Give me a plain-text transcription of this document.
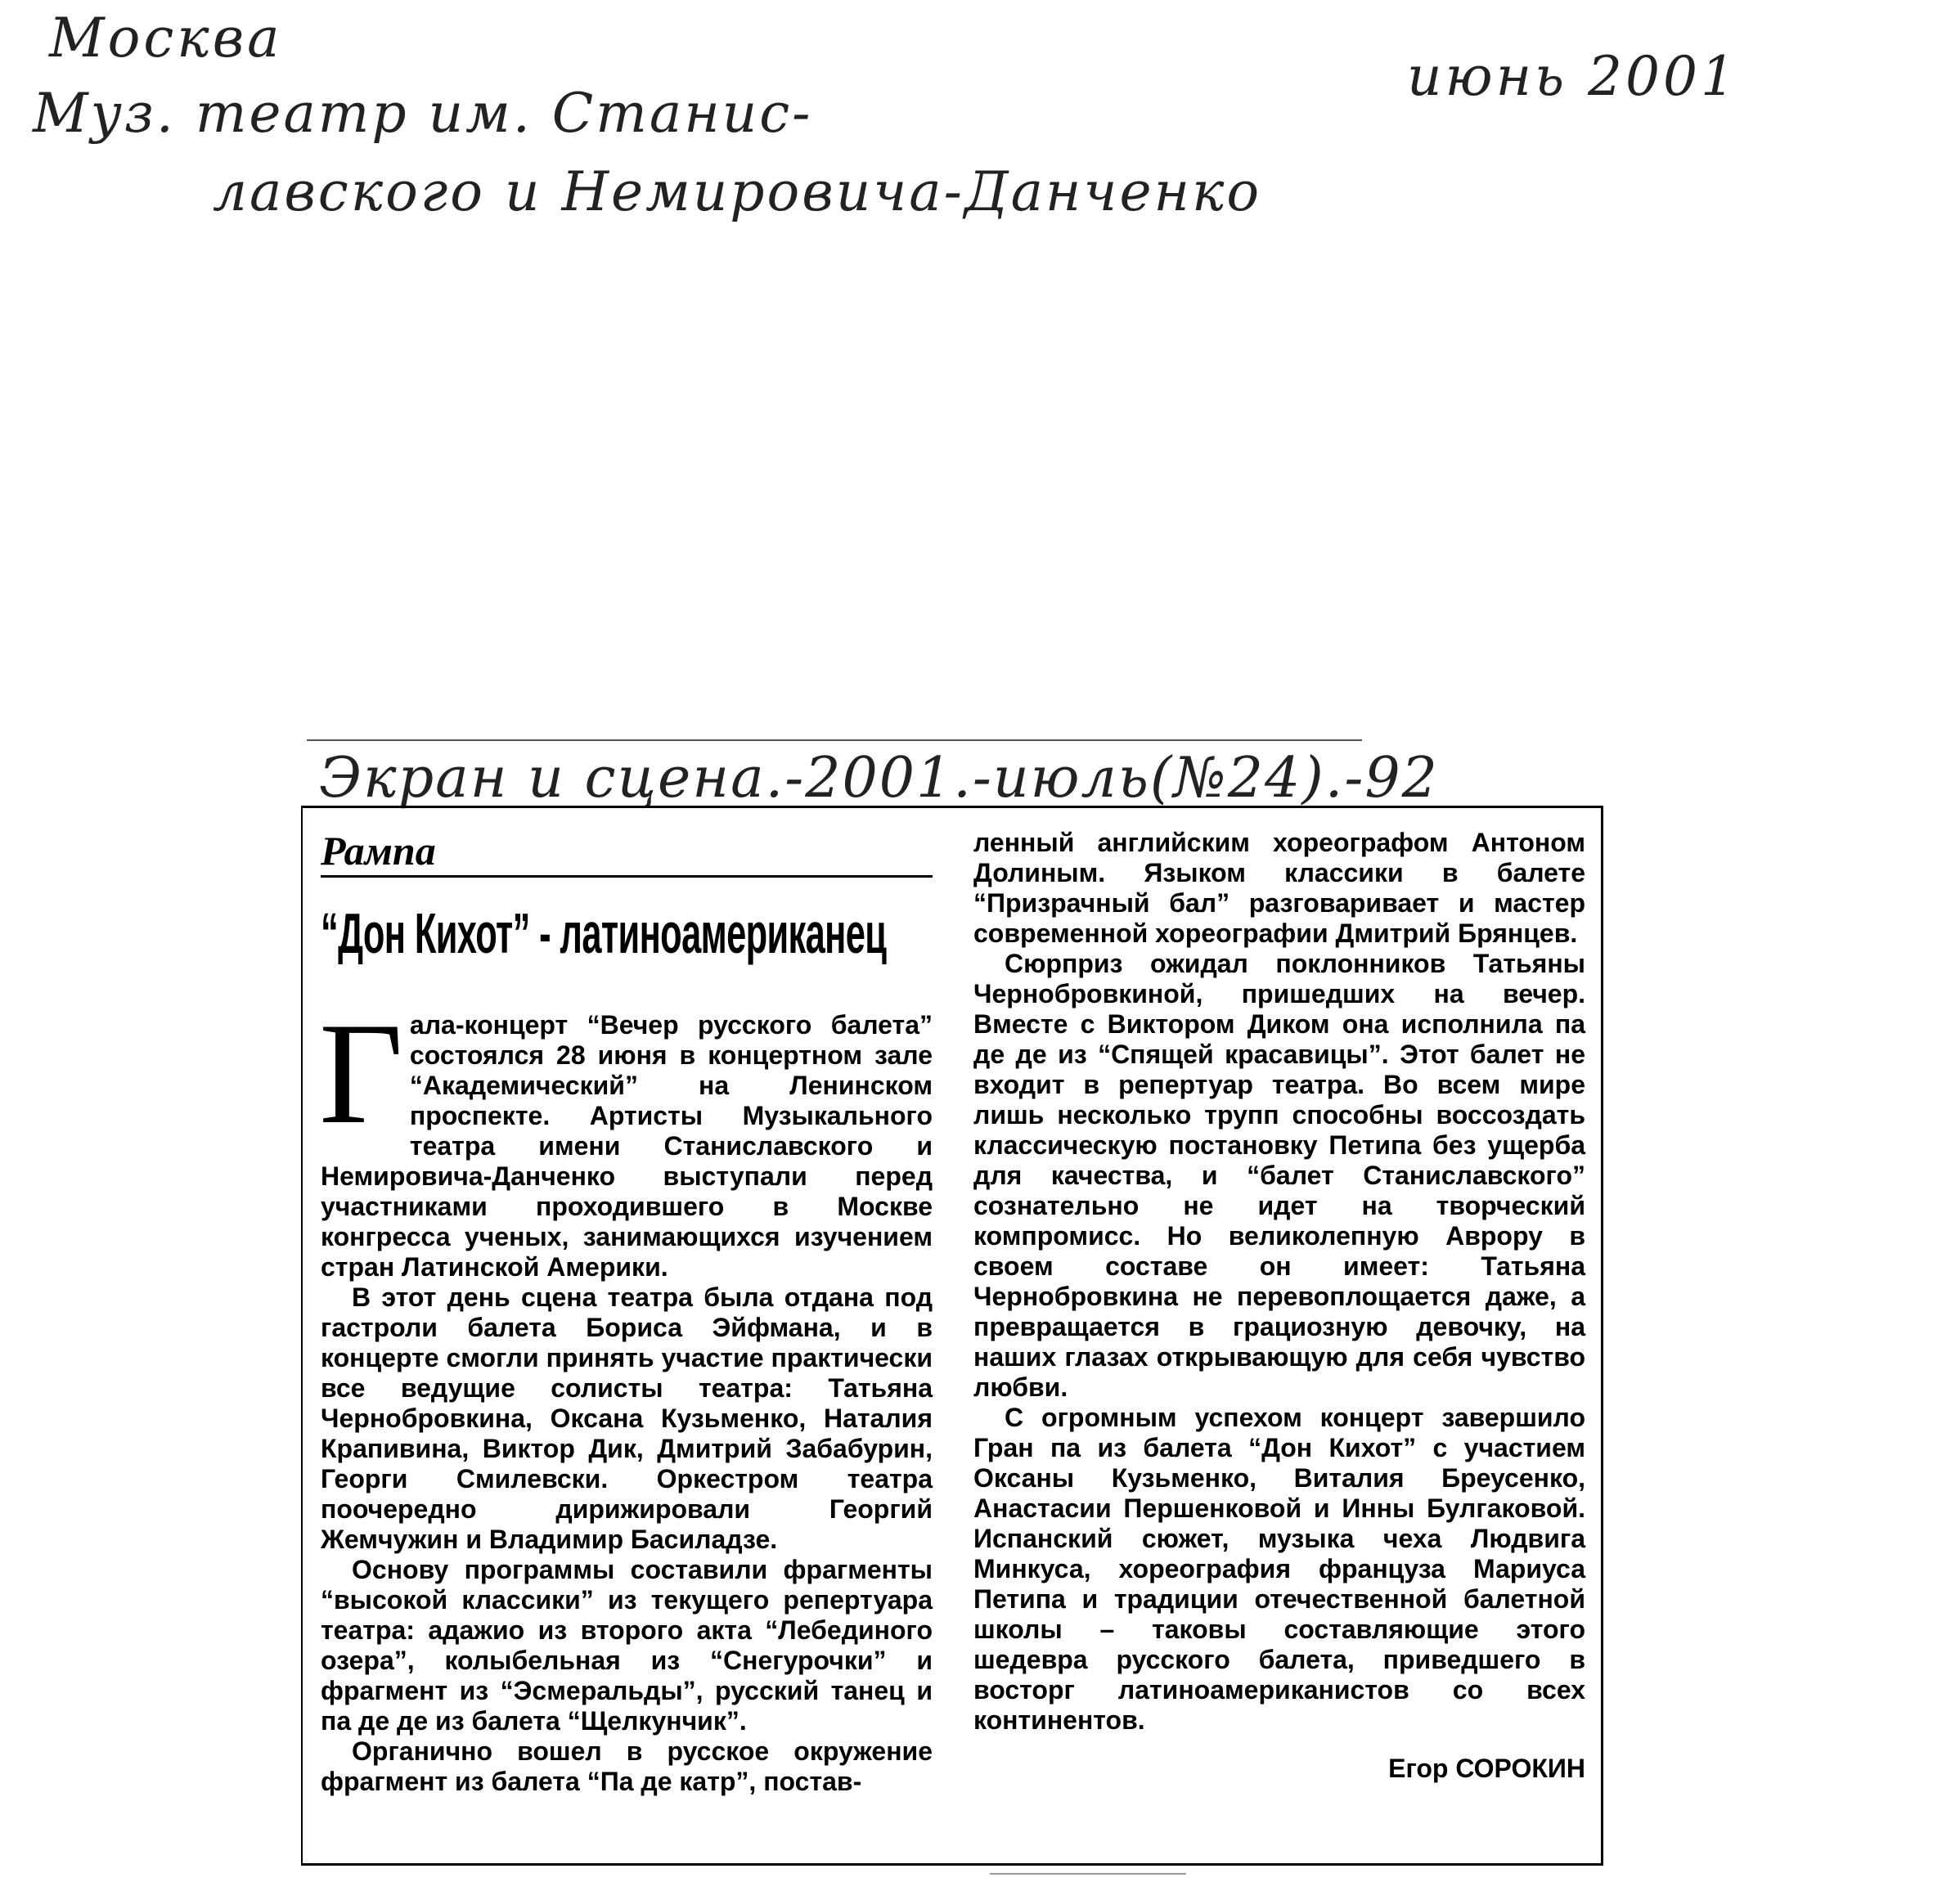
Москва

Муз. театр им. Станис-

лавского и Немировича-Данченко

июнь 2001

Экран и сцена.-2001.-июль(№24).-92

Рампа

“Дон Кихот” - латиноамериканец

Гала-концерт “Вечер русского балета” состоялся 28 июня в концертном зале “Академический” на Ленинском проспекте. Артисты Музыкального театра имени Станиславского и Немировича-Данченко выступали перед участниками проходившего в Москве конгресса ученых, занимающихся изучением стран Латинской Америки.

В этот день сцена театра была отдана под гастроли балета Бориса Эйфмана, и в концерте смогли принять участие практически все ведущие солисты театра: Татьяна Чернобровкина, Оксана Кузьменко, Наталия Крапивина, Виктор Дик, Дмитрий Забабурин, Георги Смилевски. Оркестром театра поочередно дирижировали Георгий Жемчужин и Владимир Басиладзе.

Основу программы составили фрагменты “высокой классики” из текущего репертуара театра: адажио из второго акта “Лебединого озера”, колыбельная из “Снегурочки” и фрагмент из “Эсмеральды”, русский танец и па де де из балета “Щелкунчик”.

Органично вошел в русское окружение фрагмент из балета “Па де катр”, постав-

ленный английским хореографом Антоном Долиным. Языком классики в балете “Призрачный бал” разговаривает и мастер современной хореографии Дмитрий Брянцев.

Сюрприз ожидал поклонников Татьяны Чернобровкиной, пришедших на вечер. Вместе с Виктором Диком она исполнила па де де из “Спящей красавицы”. Этот балет не входит в репертуар театра. Во всем мире лишь несколько трупп способны воссоздать классическую постановку Петипа без ущерба для качества, и “балет Станиславского” сознательно не идет на творческий компромисс. Но великолепную Аврору в своем составе он имеет: Татьяна Чернобровкина не перевоплощается даже, а превращается в грациозную девочку, на наших глазах открывающую для себя чувство любви.

С огромным успехом концерт завершило Гран па из балета “Дон Кихот” с участием Оксаны Кузьменко, Виталия Бреусенко, Анастасии Першенковой и Инны Булгаковой. Испанский сюжет, музыка чеха Людвига Минкуса, хореография француза Мариуса Петипа и традиции отечественной балетной школы – таковы составляющие этого шедевра русского балета, приведшего в восторг латиноамериканистов со всех континентов.

Егор СОРОКИН
